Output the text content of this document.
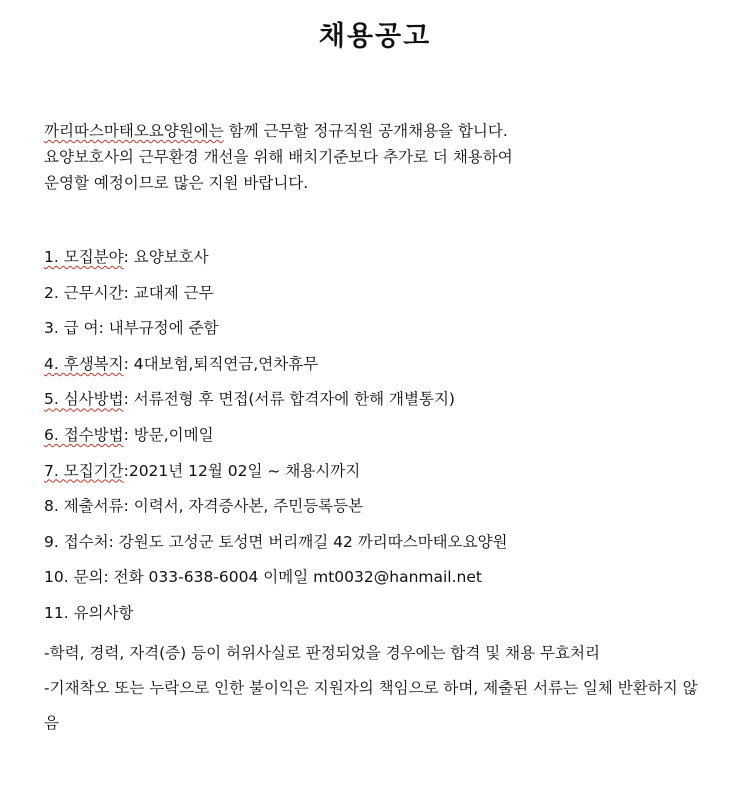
채용공고
까리따스마태오요양원에는 함께 근무할 정규직원 공개채용을 합니다.
요양보호사의 근무환경 개선을 위해 배치기준보다 추가로 더 채용하여
운영할 예정이므로 많은 지원 바랍니다.
1. 모집분야: 요양보호사
2. 근무시간: 교대제 근무
3. 급 여: 내부규정에 준함
4. 후생복지: 4대보험,퇴직연금,연차휴무
5. 심사방법: 서류전형 후 면접(서류 합격자에 한해 개별통지)
6. 접수방법: 방문,이메일
7. 모집기간:2021년 12월 02일 ~ 채용시까지
8. 제출서류: 이력서, 자격증사본, 주민등록등본
9. 접수처: 강원도 고성군 토성면 버리깨길 42 까리따스마태오요양원
10. 문의: 전화 033-638-6004 이메일 mt0032@hanmail.net
11. 유의사항
-학력, 경력, 자격(증) 등이 허위사실로 판정되었을 경우에는 합격 및 채용 무효처리
-기재착오 또는 누락으로 인한 불이익은 지원자의 책임으로 하며, 제출된 서류는 일체 반환하지 않음
